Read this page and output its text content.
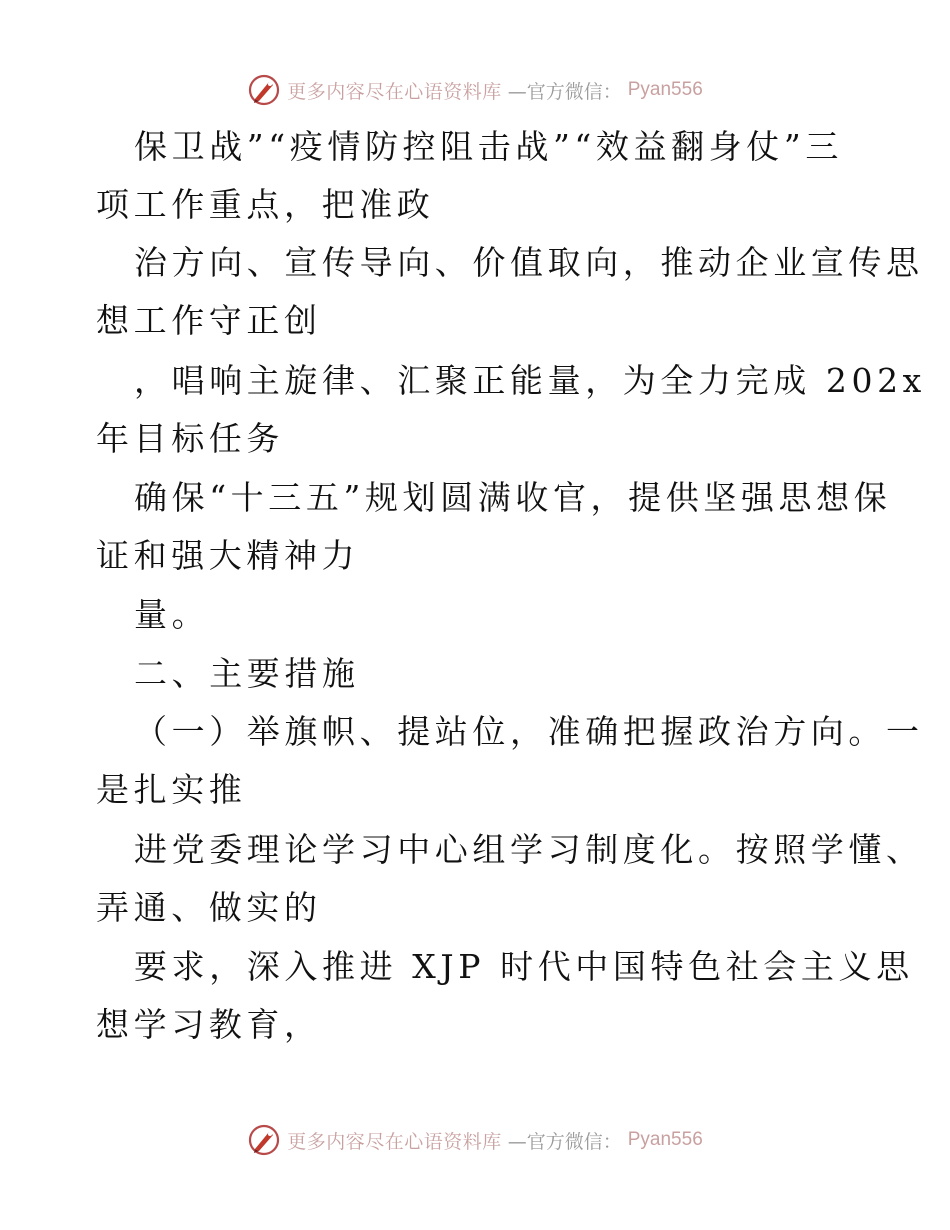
更多内容尽在心语资料库 —官方微信： Pyan556
保卫战”“疫情防控阻击战”“效益翻身仗”三
项工作重点，把准政
治方向、宣传导向、价值取向，推动企业宣传思
想工作守正创
，唱响主旋律、汇聚正能量，为全力完成 202x
年目标任务
确保“十三五”规划圆满收官，提供坚强思想保
证和强大精神力
量。
二、主要措施
（一）举旗帜、提站位，准确把握政治方向。一
是扎实推
进党委理论学习中心组学习制度化。按照学懂、
弄通、做实的
要求，深入推进 XJP 时代中国特色社会主义思
想学习教育，
更多内容尽在心语资料库 —官方微信： Pyan556
